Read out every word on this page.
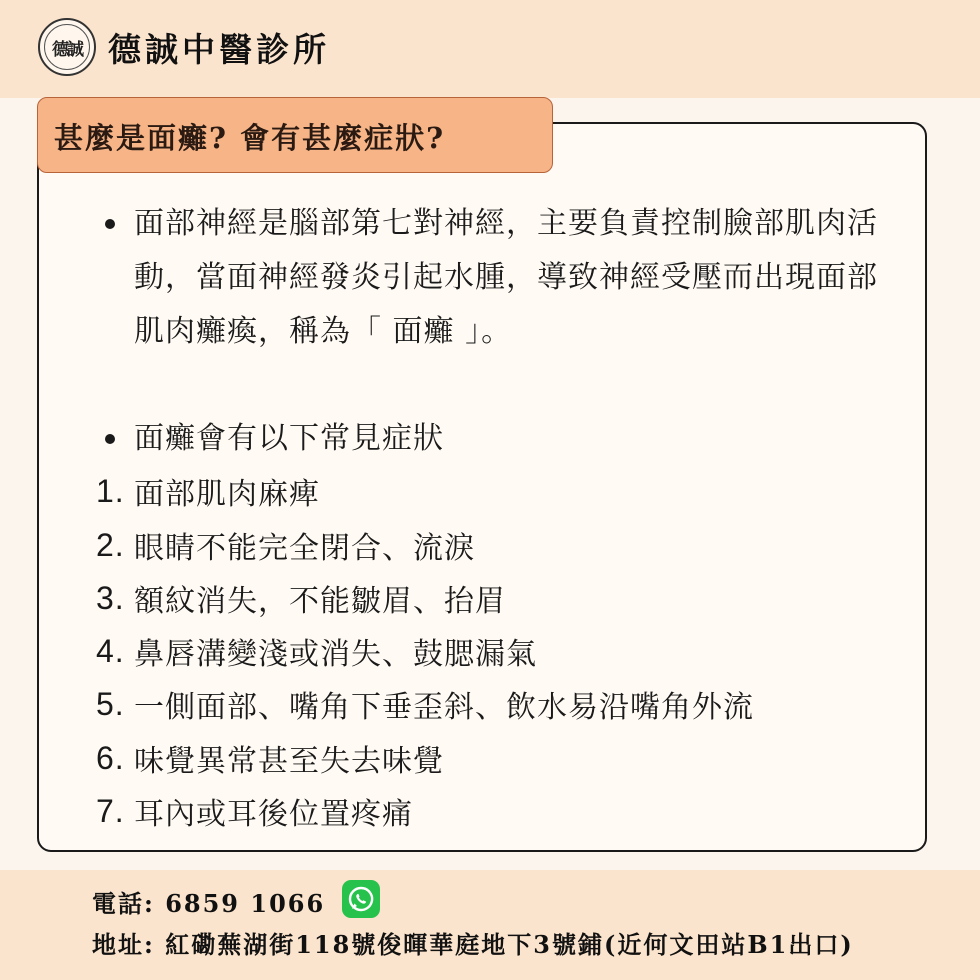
德誠 德誠中醫診所
甚麼是面癱? 會有甚麼症狀?
面部神經是腦部第七對神經，主要負責控制臉部肌肉活動，當面神經發炎引起水腫，導致神經受壓而出現面部肌肉癱瘓，稱為「 面癱 」。
面癱會有以下常見症狀
1. 面部肌肉麻痺
2. 眼睛不能完全閉合、流淚
3. 額紋消失，不能皺眉、抬眉
4. 鼻唇溝變淺或消失、鼓腮漏氣
5. 一側面部、嘴角下垂歪斜、飲水易沿嘴角外流
6. 味覺異常甚至失去味覺
7. 耳內或耳後位置疼痛
電話: 6859 1066
地址: 紅磡蕪湖街118號俊暉華庭地下3號鋪(近何文田站B1出口)
